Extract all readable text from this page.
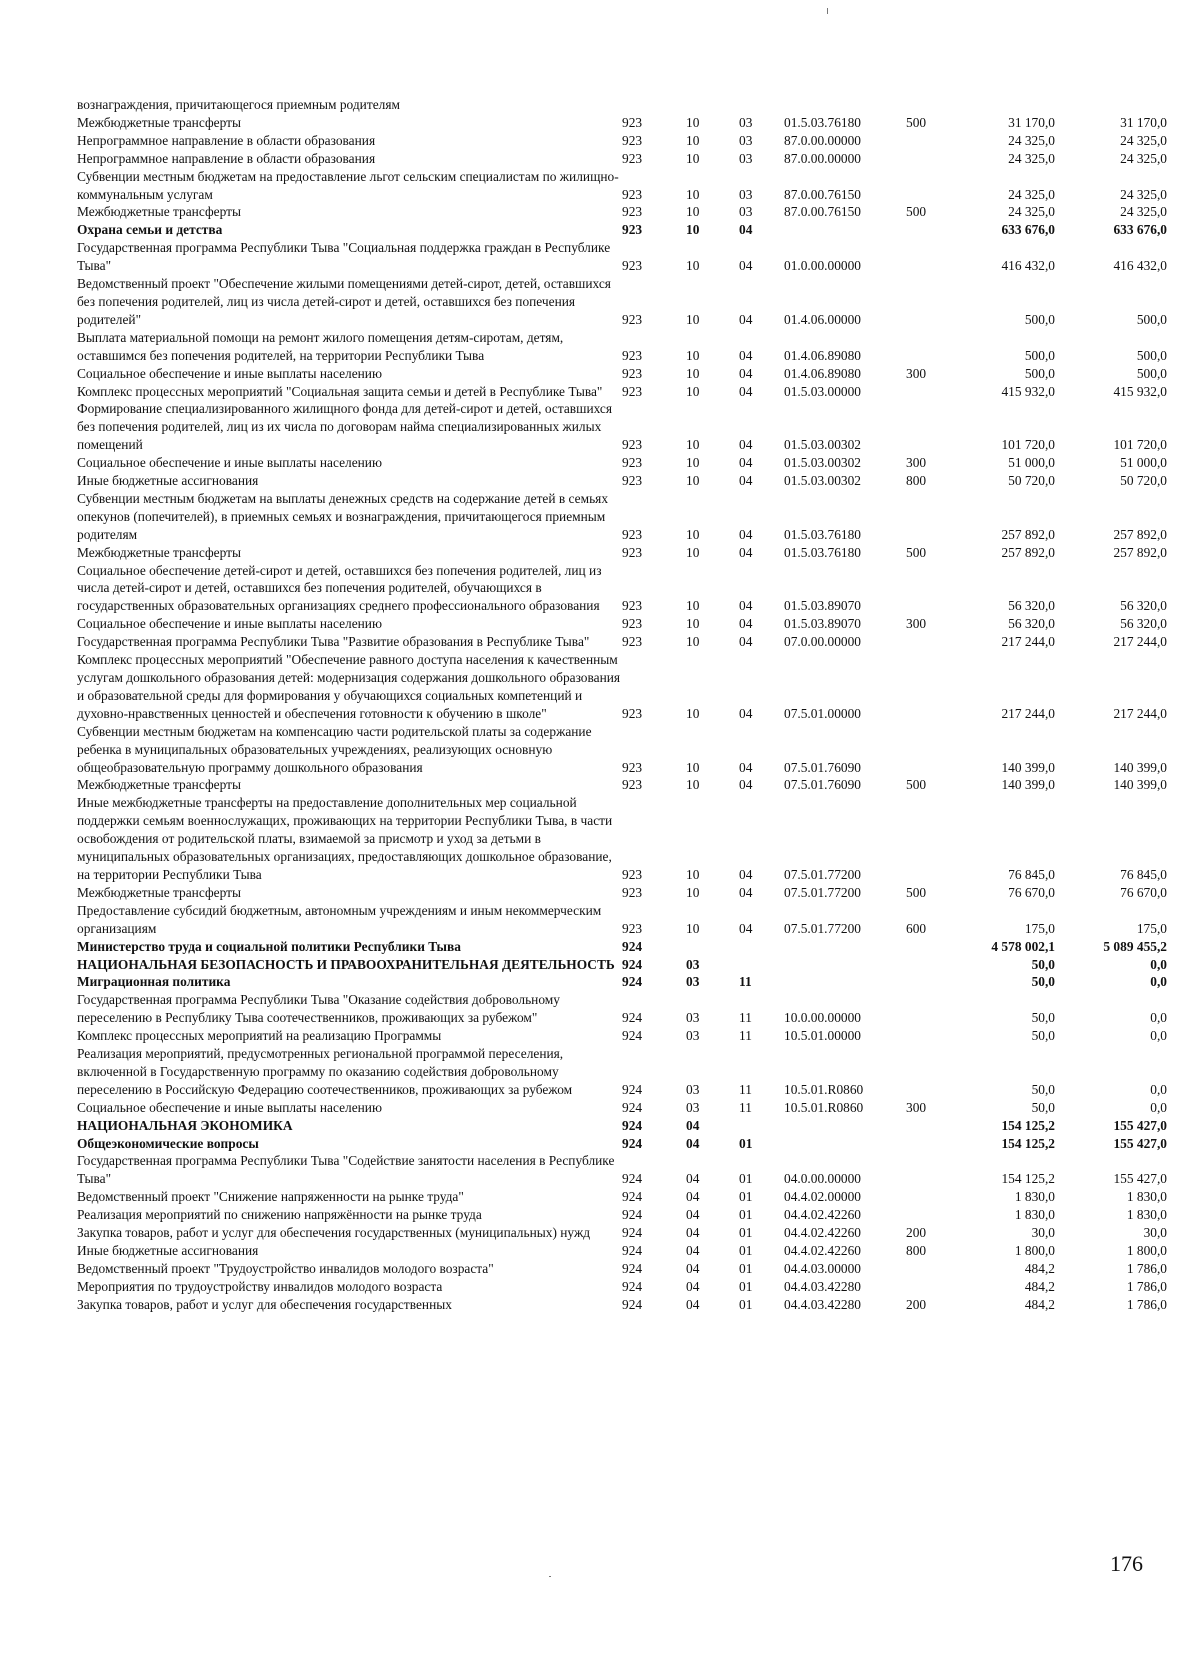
вознаграждения, причитающегося приемным родителям							
Межбюджетные трансферты	923	10	03	01.5.03.76180	500	31 170,0	31 170,0
Непрограммное направление в области образования	923	10	03	87.0.00.00000		24 325,0	24 325,0
Непрограммное направление в области образования	923	10	03	87.0.00.00000		24 325,0	24 325,0
Субвенции местным бюджетам на предоставление льгот сельским специалистам по жилищно-коммунальным услугам	923	10	03	87.0.00.76150		24 325,0	24 325,0
Межбюджетные трансферты	923	10	03	87.0.00.76150	500	24 325,0	24 325,0
Охрана семьи и детства	923	10	04			633 676,0	633 676,0
Государственная программа Республики Тыва "Социальная поддержка граждан в Республике Тыва"	923	10	04	01.0.00.00000		416 432,0	416 432,0
Ведомственный проект "Обеспечение жилыми помещениями детей-сирот, детей, оставшихся без попечения родителей, лиц из числа детей-сирот и детей, оставшихся без попечения родителей"	923	10	04	01.4.06.00000		500,0	500,0
Выплата материальной помощи на ремонт жилого помещения детям-сиротам, детям, оставшимся без попечения родителей, на территории Республики Тыва	923	10	04	01.4.06.89080		500,0	500,0
Социальное обеспечение и иные выплаты населению	923	10	04	01.4.06.89080	300	500,0	500,0
Комплекс процессных мероприятий "Социальная защита семьи и детей в Республике Тыва"	923	10	04	01.5.03.00000		415 932,0	415 932,0
Формирование специализированного жилищного фонда для детей-сирот и детей, оставшихся без попечения родителей, лиц из их числа по договорам найма специализированных жилых помещений	923	10	04	01.5.03.00302		101 720,0	101 720,0
Социальное обеспечение и иные выплаты населению	923	10	04	01.5.03.00302	300	51 000,0	51 000,0
Иные бюджетные ассигнования	923	10	04	01.5.03.00302	800	50 720,0	50 720,0
Субвенции местным бюджетам на выплаты денежных средств на содержание детей в семьях опекунов (попечителей), в приемных семьях и вознаграждения, причитающегося приемным родителям	923	10	04	01.5.03.76180		257 892,0	257 892,0
Межбюджетные трансферты	923	10	04	01.5.03.76180	500	257 892,0	257 892,0
Социальное обеспечение детей-сирот и детей, оставшихся без попечения родителей, лиц из числа детей-сирот и детей, оставшихся без попечения родителей, обучающихся в государственных образовательных организациях среднего профессионального образования	923	10	04	01.5.03.89070		56 320,0	56 320,0
Социальное обеспечение и иные выплаты населению	923	10	04	01.5.03.89070	300	56 320,0	56 320,0
Государственная программа Республики Тыва "Развитие образования в Республике Тыва"	923	10	04	07.0.00.00000		217 244,0	217 244,0
Комплекс процессных мероприятий "Обеспечение равного доступа населения к качественным услугам дошкольного образования детей: модернизация содержания дошкольного образования и образовательной среды для формирования у обучающихся социальных компетенций и духовно-нравственных ценностей и обеспечения готовности к обучению в школе"	923	10	04	07.5.01.00000		217 244,0	217 244,0
Субвенции местным бюджетам на компенсацию части родительской платы за содержание ребенка в муниципальных образовательных учреждениях, реализующих основную общеобразовательную программу дошкольного образования	923	10	04	07.5.01.76090		140 399,0	140 399,0
Межбюджетные трансферты	923	10	04	07.5.01.76090	500	140 399,0	140 399,0
Иные межбюджетные трансферты на предоставление дополнительных мер социальной поддержки семьям военнослужащих, проживающих на территории Республики Тыва, в части освобождения от родительской платы, взимаемой за присмотр и уход за детьми в муниципальных образовательных организациях, предоставляющих дошкольное образование, на территории Республики Тыва	923	10	04	07.5.01.77200		76 845,0	76 845,0
Межбюджетные трансферты	923	10	04	07.5.01.77200	500	76 670,0	76 670,0
Предоставление субсидий бюджетным, автономным учреждениям и иным некоммерческим организациям	923	10	04	07.5.01.77200	600	175,0	175,0
Министерство труда и социальной политики Республики Тыва	924					4 578 002,1	5 089 455,2
НАЦИОНАЛЬНАЯ БЕЗОПАСНОСТЬ И ПРАВООХРАНИТЕЛЬНАЯ ДЕЯТЕЛЬНОСТЬ	924	03				50,0	0,0
Миграционная политика	924	03	11			50,0	0,0
Государственная программа Республики Тыва "Оказание содействия добровольному переселению в Республику Тыва соотечественников, проживающих за рубежом"	924	03	11	10.0.00.00000		50,0	0,0
Комплекс процессных мероприятий на реализацию Программы	924	03	11	10.5.01.00000		50,0	0,0
Реализация мероприятий, предусмотренных региональной программой переселения, включенной в Государственную программу по оказанию содействия добровольному переселению в Российскую Федерацию соотечественников, проживающих за рубежом	924	03	11	10.5.01.R0860		50,0	0,0
Социальное обеспечение и иные выплаты населению	924	03	11	10.5.01.R0860	300	50,0	0,0
НАЦИОНАЛЬНАЯ ЭКОНОМИКА	924	04				154 125,2	155 427,0
Общеэкономические вопросы	924	04	01			154 125,2	155 427,0
Государственная программа Республики Тыва "Содействие занятости населения в Республике Тыва"	924	04	01	04.0.00.00000		154 125,2	155 427,0
Ведомственный проект "Снижение напряженности на рынке труда"	924	04	01	04.4.02.00000		1 830,0	1 830,0
Реализация мероприятий по снижению напряжённости на рынке труда	924	04	01	04.4.02.42260		1 830,0	1 830,0
Закупка товаров, работ и услуг для обеспечения государственных (муниципальных) нужд	924	04	01	04.4.02.42260	200	30,0	30,0
Иные бюджетные ассигнования	924	04	01	04.4.02.42260	800	1 800,0	1 800,0
Ведомственный проект "Трудоустройство инвалидов молодого возраста"	924	04	01	04.4.03.00000		484,2	1 786,0
Мероприятия по трудоустройству инвалидов молодого возраста	924	04	01	04.4.03.42280		484,2	1 786,0
Закупка товаров, работ и услуг для обеспечения государственных	924	04	01	04.4.03.42280	200	484,2	1 786,0
176
